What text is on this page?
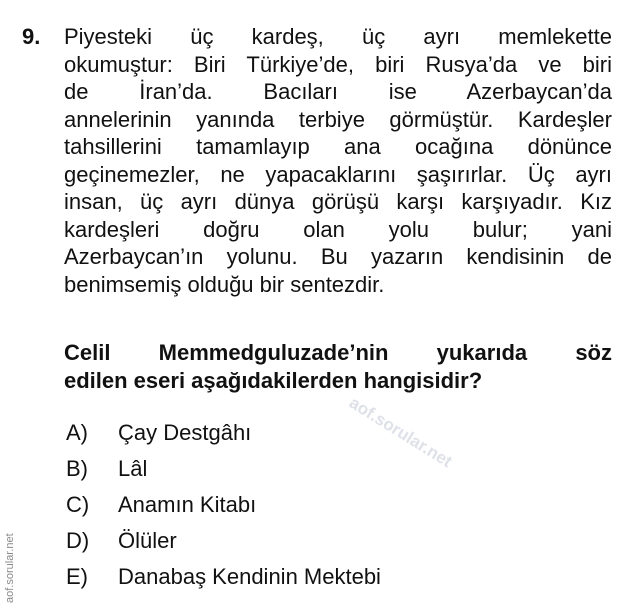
9. Piyesteki üç kardeş, üç ayrı memlekette
okumuştur: Biri Türkiye’de, biri Rusya’da ve biri
de İran’da. Bacıları ise Azerbaycan’da
annelerinin yanında terbiye görmüştür. Kardeşler
tahsillerini tamamlayıp ana ocağına dönünce
geçinemezler, ne yapacaklarını şaşırırlar. Üç ayrı
insan, üç ayrı dünya görüşü karşı karşıyadır. Kız
kardeşleri doğru olan yolu bulur; yani
Azerbaycan’ın yolunu. Bu yazarın kendisinin de
benimsemiş olduğu bir sentezdir.
Celil Memmedguluzade’nin yukarıda söz
edilen eseri aşağıdakilerden hangisidir?
aof.sorular.net
A) Çay Destgâhı
B) Lâl
C) Anamın Kitabı
D) Ölüler
E) Danabaş Kendinin Mektebi
aof.sorular.net
